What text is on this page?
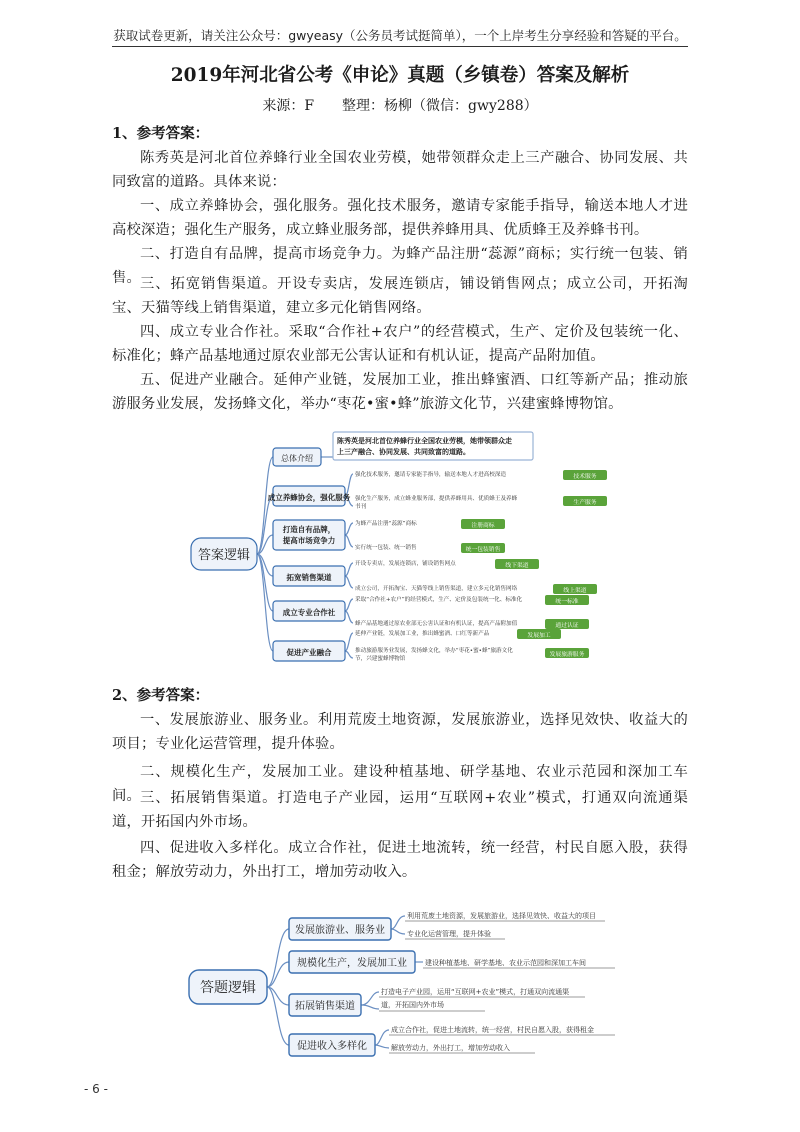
获取试卷更新，请关注公众号：gwyeasy（公务员考试挺简单），一个上岸考生分享经验和答疑的平台。
2019年河北省公考《申论》真题（乡镇卷）答案及解析
来源：F　　整理：杨柳（微信：gwy288）
1、参考答案：
陈秀英是河北首位养蜂行业全国农业劳模，她带领群众走上三产融合、协同发展、共同致富的道路。具体来说：
一、成立养蜂协会，强化服务。强化技术服务，邀请专家能手指导，输送本地人才进高校深造；强化生产服务，成立蜂业服务部，提供养蜂用具、优质蜂王及养蜂书刊。
二、打造自有品牌，提高市场竞争力。为蜂产品注册“蕊源”商标；实行统一包装、销售。 三、拓宽销售渠道。开设专卖店，发展连锁店，铺设销售网点；成立公司，开拓淘宝、天猫等线上销售渠道，建立多元化销售网络。
四、成立专业合作社。采取“合作社+农户”的经营模式，生产、定价及包装统一化、标准化；蜂产品基地通过原农业部无公害认证和有机认证，提高产品附加值。
五、促进产业融合。延伸产业链，发展加工业，推出蜂蜜酒、口红等新产品；推动旅游服务业发展，发扬蜂文化，举办“枣花•蜜•蜂”旅游文化节，兴建蜜蜂博物馆。
答案逻辑
总体介绍
陈秀英是河北首位养蜂行业全国农业劳模，她带领群众走
上三产融合、协同发展、共同致富的道路。
成立养蜂协会，强化服务
打造自有品牌，
提高市场竞争力
拓宽销售渠道
成立专业合作社
促进产业融合
强化技术服务，邀请专家能手指导，输送本地人才进高校深造
强化生产服务，成立蜂业服务部，提供养蜂用具、优质蜂王及养蜂
书刊
为蜂产品注册“蕊源”商标
实行统一包装、统一销售
开设专卖店，发展连锁店，铺设销售网点
成立公司，开拓淘宝、天猫等线上销售渠道，建立多元化销售网络
采取“合作社+农户”的经营模式，生产、定价及包装统一化、标准化
蜂产品基地通过原农业部无公害认证和有机认证，提高产品附加值
延伸产业链，发展加工业，推出蜂蜜酒、口红等新产品
推动旅游服务业发展，发扬蜂文化，举办“枣花•蜜•蜂”旅游文化
节，兴建蜜蜂博物馆
技术服务
生产服务
注册商标
统一包装销售
线下渠道
线上渠道
统一标准
通过认证
发展加工
发展旅游服务
2、参考答案：
一、发展旅游业、服务业。利用荒废土地资源，发展旅游业，选择见效快、收益大的项目；专业化运营管理，提升体验。
二、规模化生产，发展加工业。建设种植基地、研学基地、农业示范园和深加工车间。 三、拓展销售渠道。打造电子产业园，运用“互联网+农业”模式，打通双向流通渠道，开拓国内外市场。
四、促进收入多样化。成立合作社，促进土地流转，统一经营，村民自愿入股，获得租金；解放劳动力，外出打工，增加劳动收入。
答题逻辑
发展旅游业、服务业
规模化生产，发展加工业
拓展销售渠道
促进收入多样化
利用荒废土地资源，发展旅游业，选择见效快、收益大的项目
专业化运营管理，提升体验
建设种植基地、研学基地、农业示范园和深加工车间
打造电子产业园，运用“互联网+农业”模式，打通双向流通渠
道，开拓国内外市场
成立合作社，促进土地流转，统一经营，村民自愿入股，获得租金
解放劳动力，外出打工，增加劳动收入
- 6 -
